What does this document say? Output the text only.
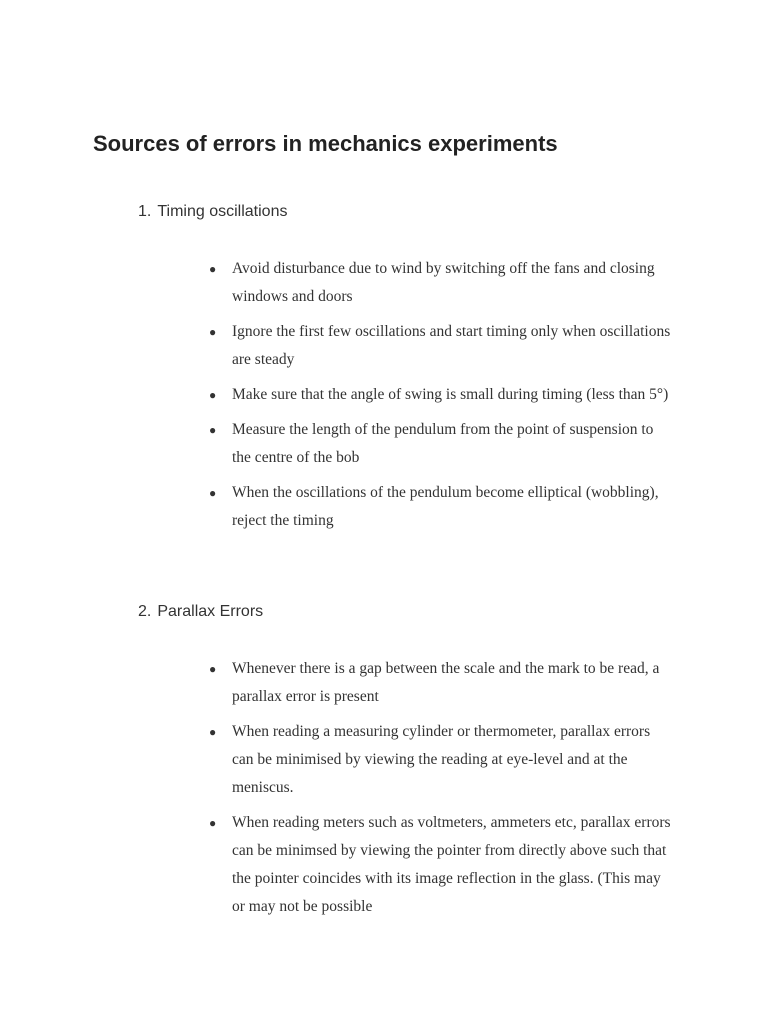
Sources of errors in mechanics experiments
1. Timing oscillations
● Avoid disturbance due to wind by switching off the fans and closing windows and doors
● Ignore the first few oscillations and start timing only when oscillations are steady
● Make sure that the angle of swing is small during timing (less than 5°)
● Measure the length of the pendulum from the point of suspension to the centre of the bob
● When the oscillations of the pendulum become elliptical (wobbling), reject the timing
2. Parallax Errors
● Whenever there is a gap between the scale and the mark to be read, a parallax error is present
● When reading a measuring cylinder or thermometer, parallax errors can be minimised by viewing the reading at eye-level and at the meniscus.
● When reading meters such as voltmeters, ammeters etc, parallax errors can be minimsed by viewing the pointer from directly above such that the pointer coincides with its image reflection in the glass. (This may or may not be possible
